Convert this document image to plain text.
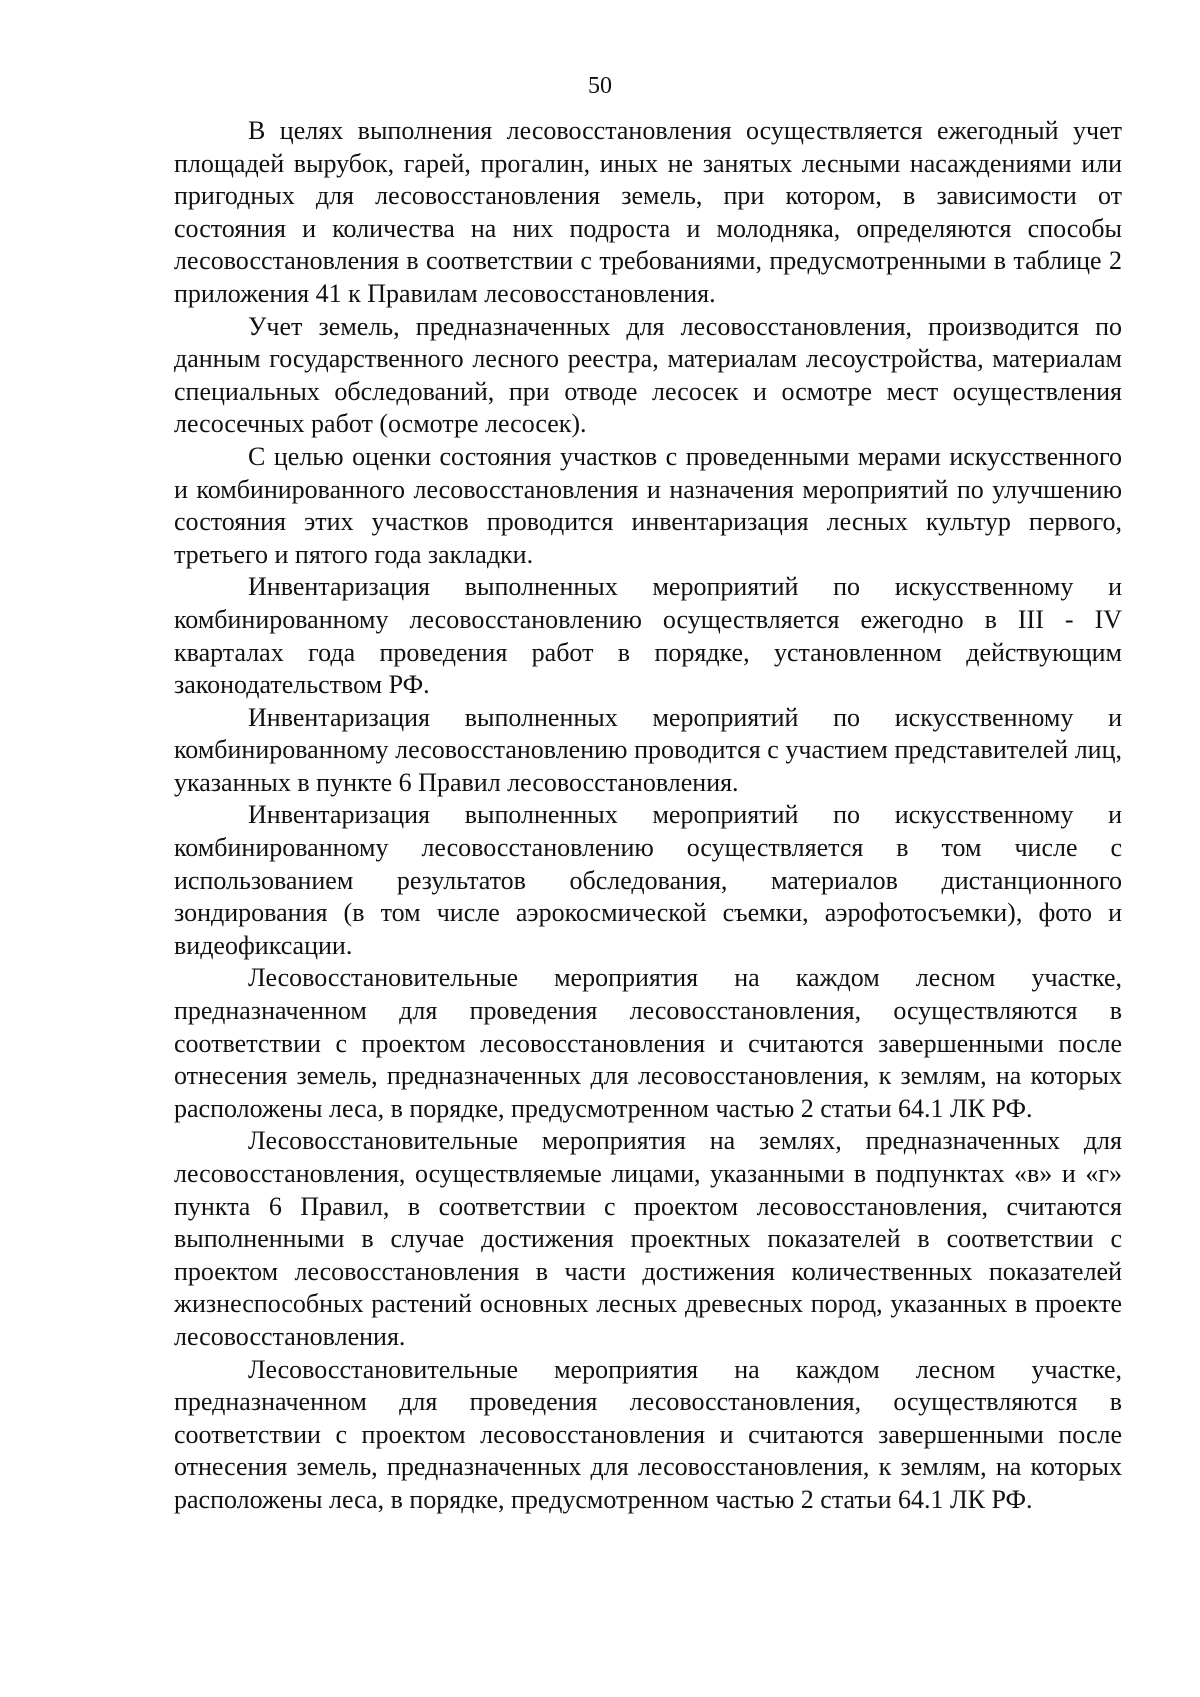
50

В целях выполнения лесовосстановления осуществляется ежегодный учет площадей вырубок, гарей, прогалин, иных не занятых лесными насаждениями или пригодных для лесовосстановления земель, при котором, в зависимости от состояния и количества на них подроста и молодняка, определяются способы лесовосстановления в соответствии с требованиями, предусмотренными в таблице 2 приложения 41 к Правилам лесовосстановления.

Учет земель, предназначенных для лесовосстановления, производится по данным государственного лесного реестра, материалам лесоустройства, материалам специальных обследований, при отводе лесосек и осмотре мест осуществления лесосечных работ (осмотре лесосек).

С целью оценки состояния участков с проведенными мерами искусственного и комбинированного лесовосстановления и назначения мероприятий по улучшению состояния этих участков проводится инвентаризация лесных культур первого, третьего и пятого года закладки.

Инвентаризация выполненных мероприятий по искусственному и комбинированному лесовосстановлению осуществляется ежегодно в III - IV кварталах года проведения работ в порядке, установленном действующим законодательством РФ.

Инвентаризация выполненных мероприятий по искусственному и комбинированному лесовосстановлению проводится с участием представителей лиц, указанных в пункте 6 Правил лесовосстановления.

Инвентаризация выполненных мероприятий по искусственному и комбинированному лесовосстановлению осуществляется в том числе с использованием результатов обследования, материалов дистанционного зондирования (в том числе аэрокосмической съемки, аэрофотосъемки), фото и видеофиксации.

Лесовосстановительные мероприятия на каждом лесном участке, предназначенном для проведения лесовосстановления, осуществляются в соответствии с проектом лесовосстановления и считаются завершенными после отнесения земель, предназначенных для лесовосстановления, к землям, на которых расположены леса, в порядке, предусмотренном частью 2 статьи 64.1 ЛК РФ.

Лесовосстановительные мероприятия на землях, предназначенных для лесовосстановления, осуществляемые лицами, указанными в подпунктах «в» и «г» пункта 6 Правил, в соответствии с проектом лесовосстановления, считаются выполненными в случае достижения проектных показателей в соответствии с проектом лесовосстановления в части достижения количественных показателей жизнеспособных растений основных лесных древесных пород, указанных в проекте лесовосстановления.

Лесовосстановительные мероприятия на каждом лесном участке, предназначенном для проведения лесовосстановления, осуществляются в соответствии с проектом лесовосстановления и считаются завершенными после отнесения земель, предназначенных для лесовосстановления, к землям, на которых расположены леса, в порядке, предусмотренном частью 2 статьи 64.1 ЛК РФ.
